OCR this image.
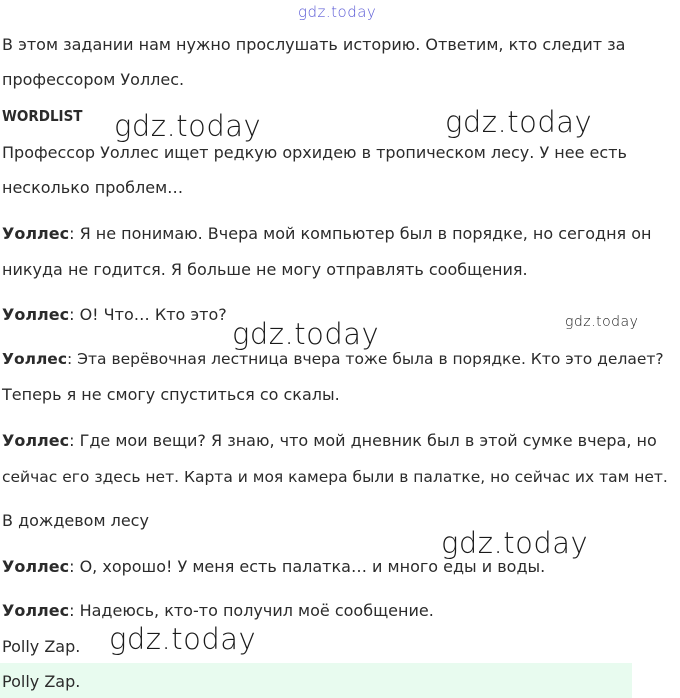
В этом задании нам нужно прослушать историю. Ответим, кто следит за
профессором Уоллес.
WORDLIST
Профессор Уоллес ищет редкую орхидею в тропическом лесу. У нее есть
несколько проблем…
Уоллес: Я не понимаю. Вчера мой компьютер был в порядке, но сегодня он
никуда не годится. Я больше не могу отправлять сообщения.
Уоллес: О! Что… Кто это?
Уоллес: Эта верёвочная лестница вчера тоже была в порядке. Кто это делает?
Теперь я не смогу спуститься со скалы.
Уоллес: Где мои вещи? Я знаю, что мой дневник был в этой сумке вчера, но
сейчас его здесь нет. Карта и моя камера были в палатке, но сейчас их там нет.
В дождевом лесу
Уоллес: О, хорошо! У меня есть палатка… и много еды и воды.
Уоллес: Надеюсь, кто-то получил моё сообщение.
Polly Zap.
Polly Zap.
gdz.today
gdz.today	gdz.today
gdz.today	gdz.today
gdz.today
gdz.today
